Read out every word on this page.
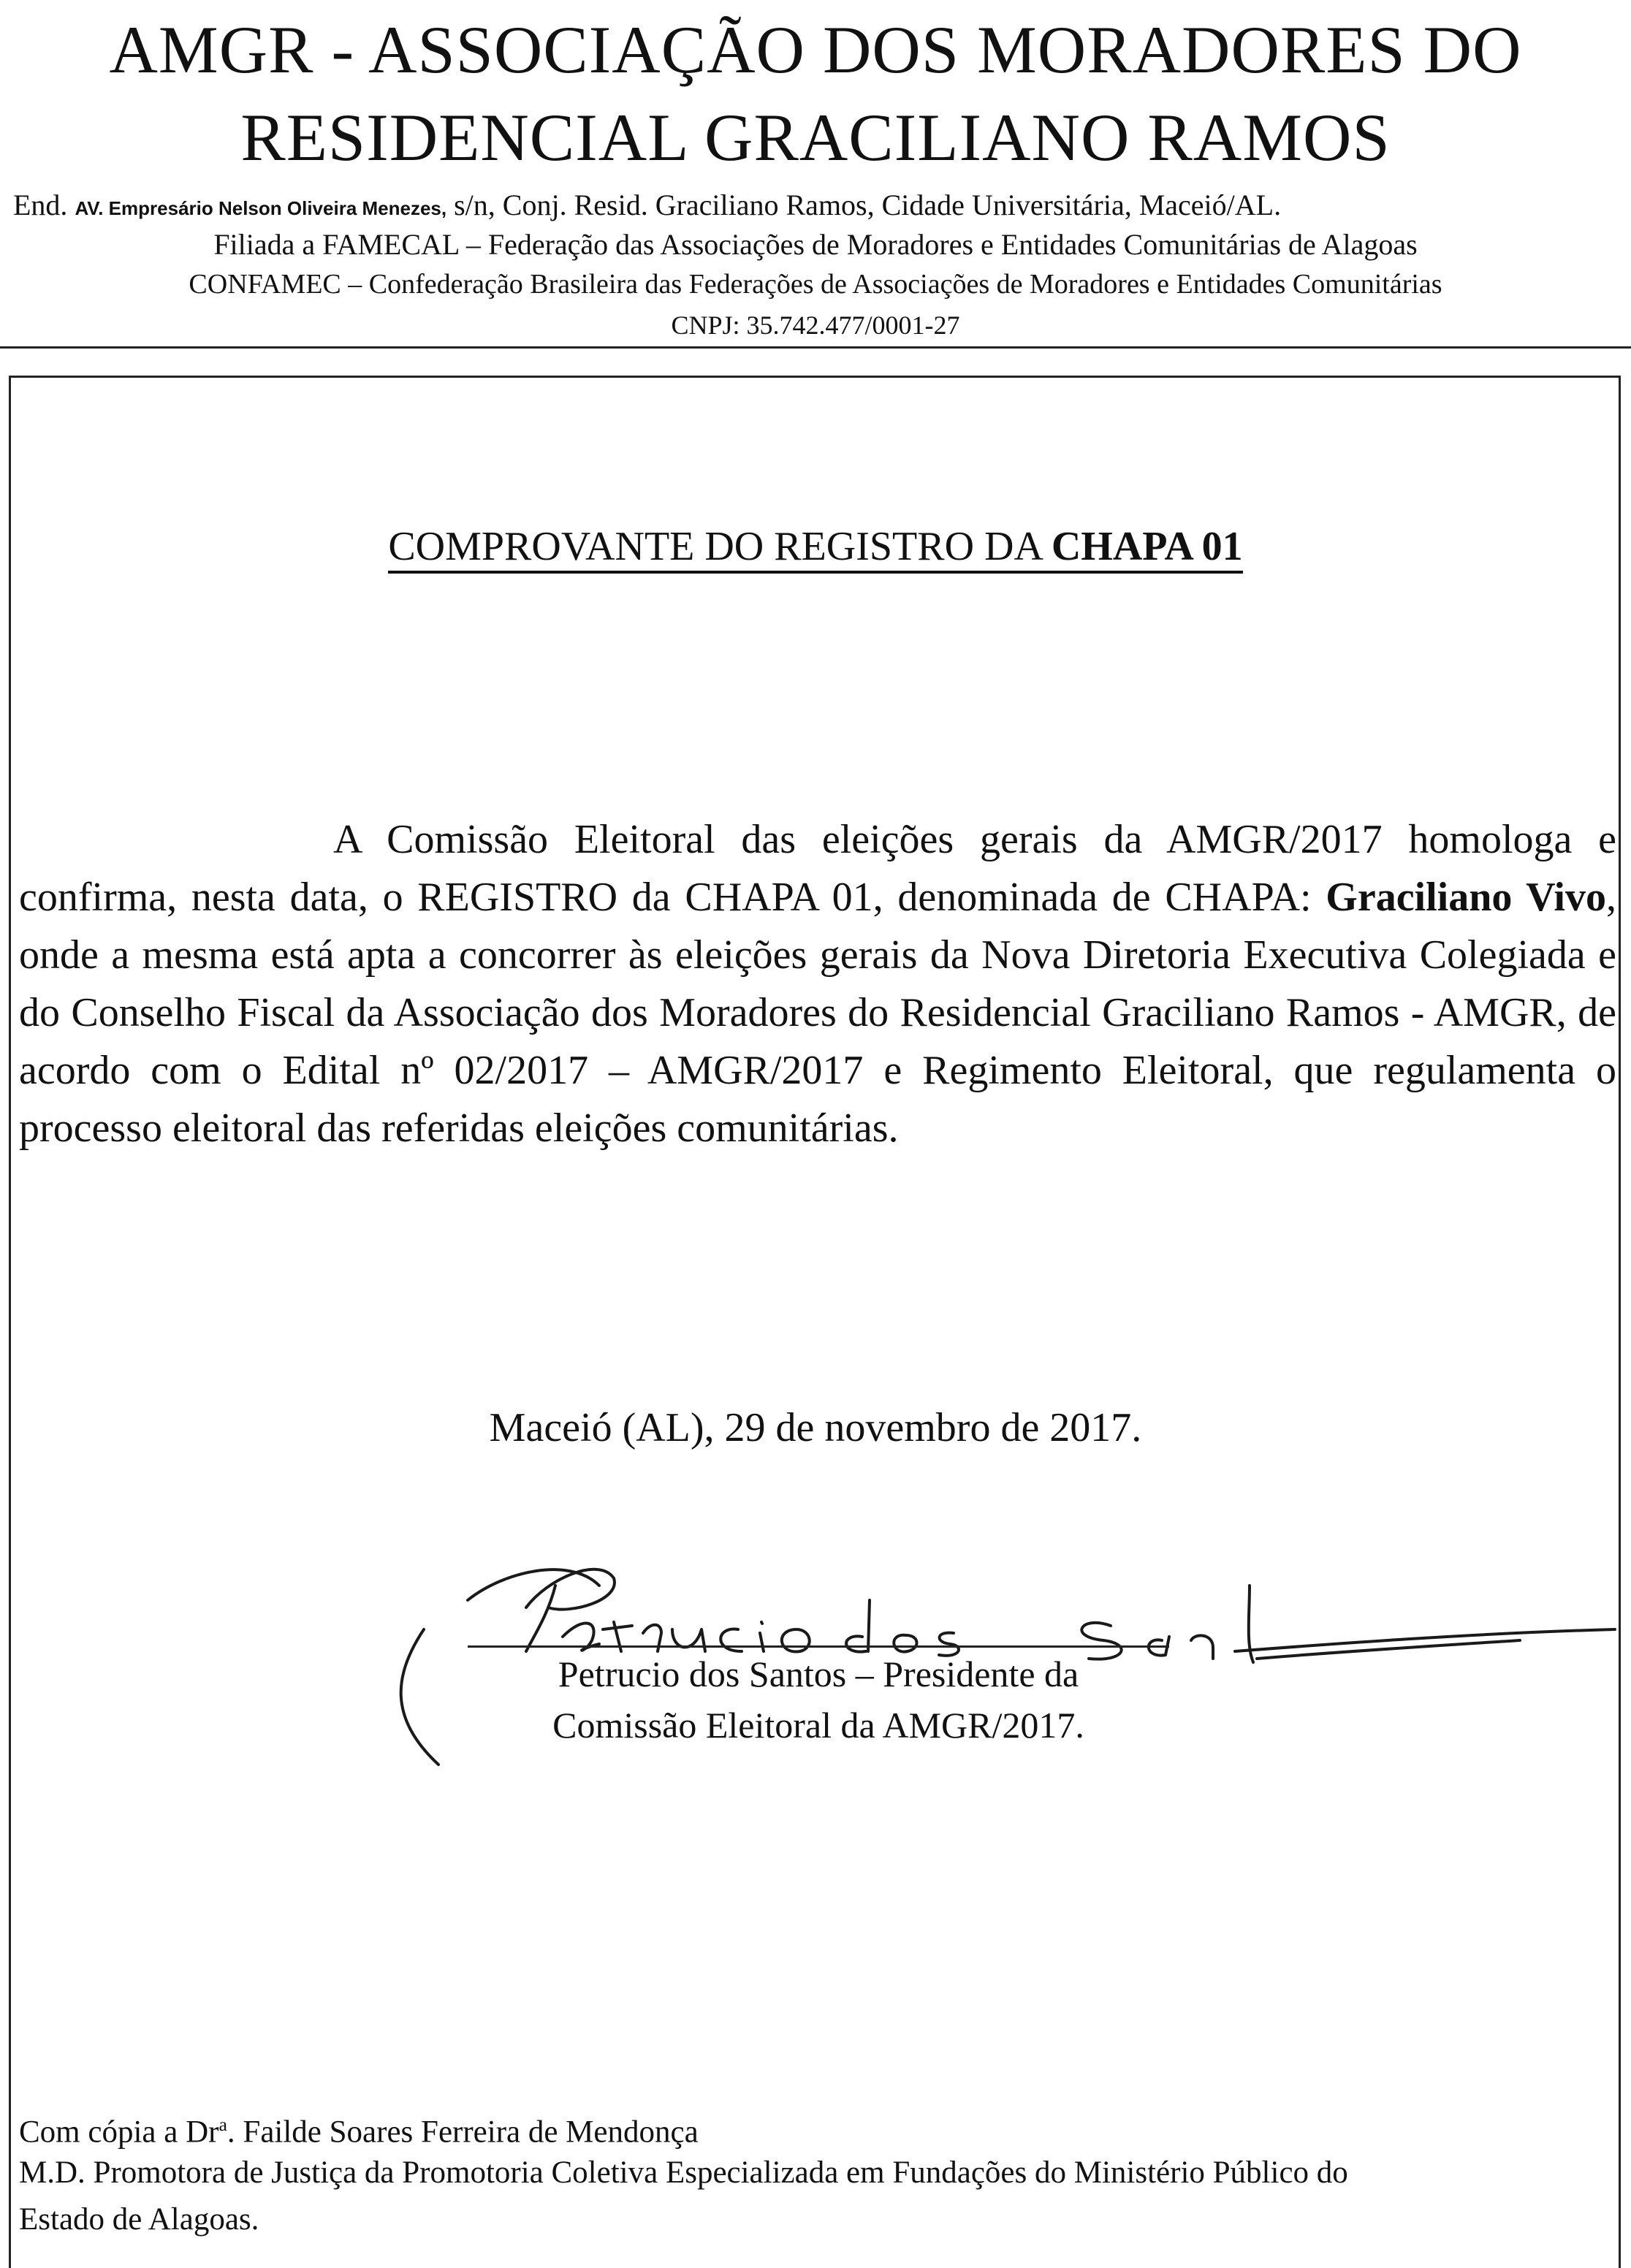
AMGR - ASSOCIAÇÃO DOS MORADORES DO
RESIDENCIAL GRACILIANO RAMOS
End. AV. Empresário Nelson Oliveira Menezes, s/n, Conj. Resid. Graciliano Ramos, Cidade Universitária, Maceió/AL.
Filiada a FAMECAL – Federação das Associações de Moradores e Entidades Comunitárias de Alagoas
CONFAMEC – Confederação Brasileira das Federações de Associações de Moradores e Entidades Comunitárias
CNPJ: 35.742.477/0001-27
COMPROVANTE DO REGISTRO DA CHAPA 01
A Comissão Eleitoral das eleições gerais da AMGR/2017 homologa e confirma, nesta data, o REGISTRO da CHAPA 01, denominada de CHAPA: Graciliano Vivo, onde a mesma está apta a concorrer às eleições gerais da Nova Diretoria Executiva Colegiada e do Conselho Fiscal da Associação dos Moradores do Residencial Graciliano Ramos - AMGR, de acordo com o Edital nº 02/2017 – AMGR/2017 e Regimento Eleitoral, que regulamenta o processo eleitoral das referidas eleições comunitárias.
Maceió (AL), 29 de novembro de 2017.
Petrucio dos Santos – Presidente da
Comissão Eleitoral da AMGR/2017.
Com cópia a Dr$^a$. Failde Soares Ferreira de Mendonça
M.D. Promotora de Justiça da Promotoria Coletiva Especializada em Fundações do Ministério Público do
Estado de Alagoas.
